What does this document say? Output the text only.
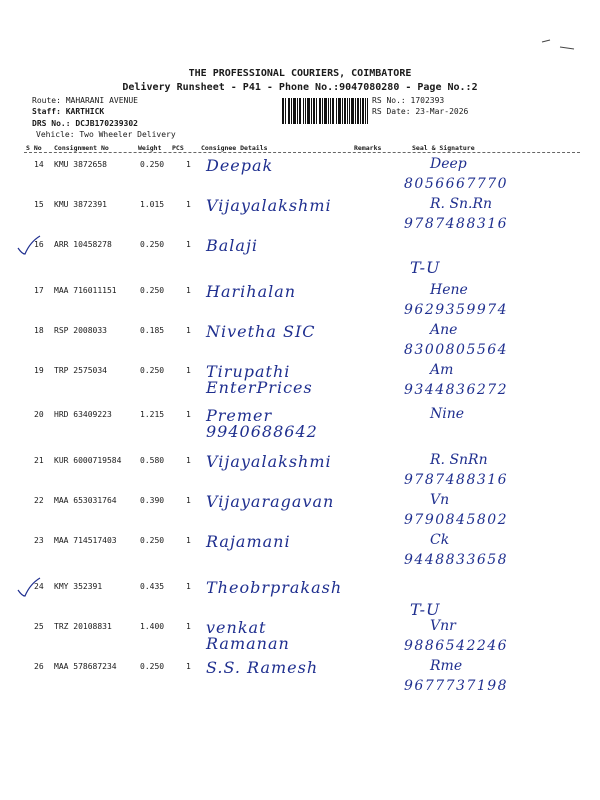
THE PROFESSIONAL COURIERS, COIMBATORE
Delivery Runsheet - P41 - Phone No.:9047080280 - Page No.:2
Route: MAHARANI AVENUE
Staff: KARTHICK
DRS No.: DCJB170239302
Vehicle: Two Wheeler Delivery
RS No.: 1702393
RS Date: 23-Mar-2026
S No Consignment No	Weight PCS	Consignee Details	Remarks	Seal & Signature
14 KMU 3872658	0.250	1 Deepak	Deep
8056667770
15 KMU 3872391	1.015	1 Vijayalakshmi	R. Sn.Rn
9787488316
16 ARR 10458278	0.250	1 Balaji
T-U
17 MAA 716011151	0.250	1 Harihalan	Hene
9629359974
18 RSP 2008033	0.185	1 Nivetha SIC	Ane
8300805564
19 TRP 2575034	0.250	1 Tirupathi EnterPrices
Am
9344836272
20 HRD 63409223	1.215	1 Premer 9940688642
Nine
21 KUR 6000719584 0.580	1 Vijayalakshmi	R. SnRn
9787488316
22 MAA 653031764	0.390	1 Vijayaragavan	Vn
9790845802
23 MAA 714517403	0.250	1 Rajamani	Ck
9448833658
24 KMY 352391	0.435	1 Theobrprakash
T-U
25 TRZ 20108831	1.400	1 venkat Ramanan
Vnr
9886542246
26 MAA 578687234	0.250	1 S.S. Ramesh	Rme
9677737198
